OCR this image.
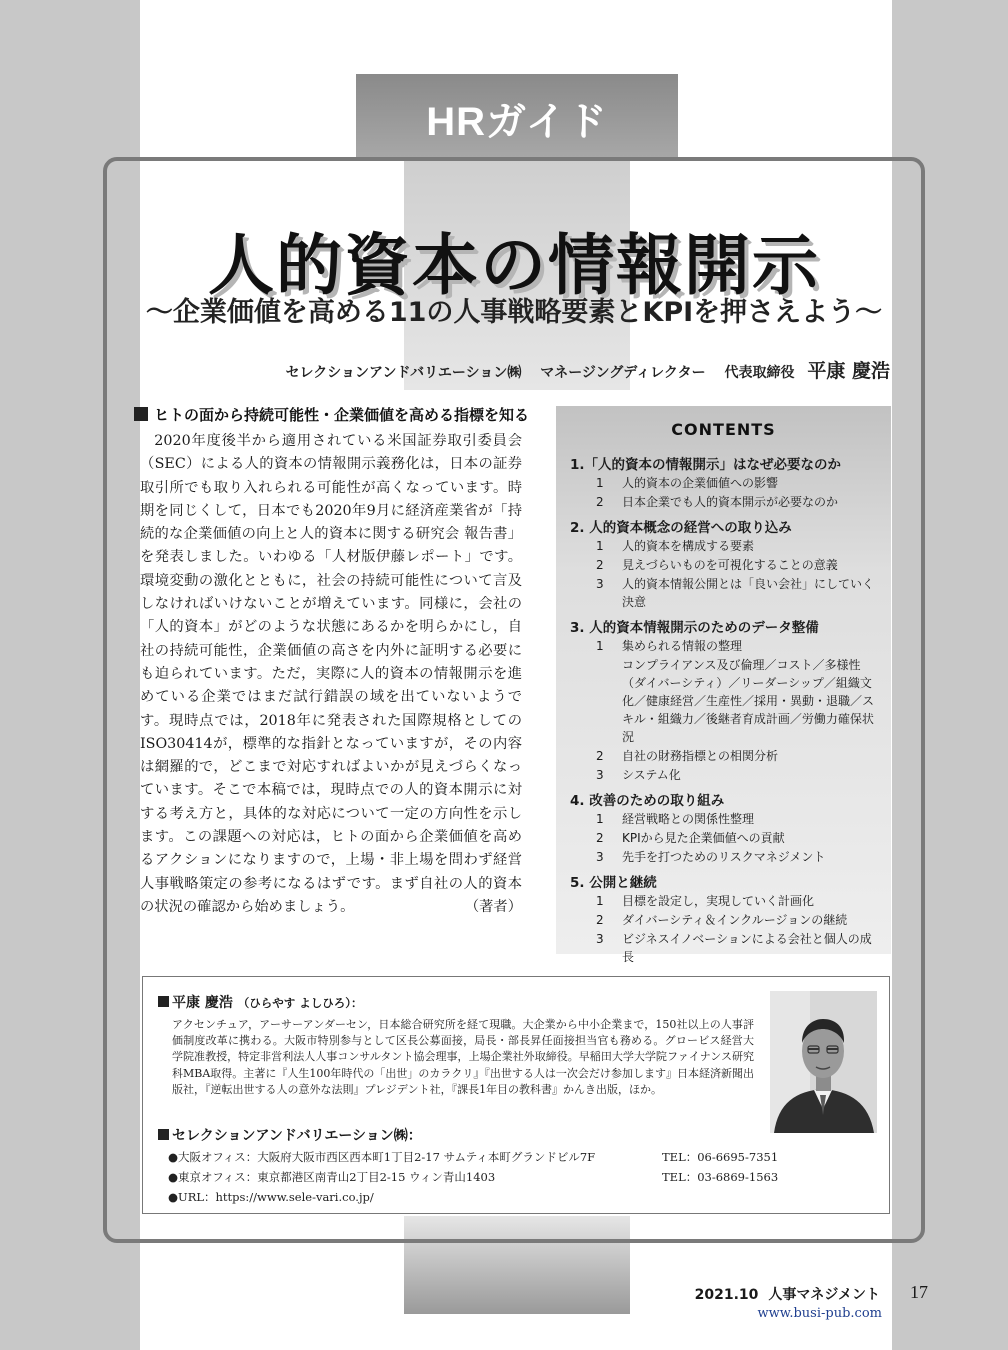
HRガイド
人的資本の情報開示
〜企業価値を高める11の人事戦略要素とKPIを押さえよう〜
セレクションアンドバリエーション㈱ マネージングディレクター 代表取締役 平康 慶浩
ヒトの面から持続可能性・企業価値を高める指標を知る
2020年度後半から適用されている米国証券取引委員会（SEC）による人的資本の情報開示義務化は，日本の証券取引所でも取り入れられる可能性が高くなっています。時期を同じくして，日本でも2020年9月に経済産業省が「持続的な企業価値の向上と人的資本に関する研究会 報告書」を発表しました。いわゆる「人材版伊藤レポート」です。環境変動の激化とともに，社会の持続可能性について言及しなければいけないことが増えています。同様に，会社の「人的資本」がどのような状態にあるかを明らかにし，自社の持続可能性，企業価値の高さを内外に証明する必要にも迫られています。ただ，実際に人的資本の情報開示を進めている企業ではまだ試行錯誤の域を出ていないようです。現時点では，2018年に発表された国際規格としてのISO30414が，標準的な指針となっていますが，その内容は網羅的で，どこまで対応すればよいかが見えづらくなっています。そこで本稿では，現時点での人的資本開示に対する考え方と，具体的な対応について一定の方向性を示します。この課題への対応は，ヒトの面から企業価値を高めるアクションになりますので，上場・非上場を問わず経営人事戦略策定の参考になるはずです。まず自社の人的資本の状況の確認から始めましょう。	（著者）
CONTENTS
1.「人的資本の情報開示」はなぜ必要なのか
1	人的資本の企業価値への影響
2	日本企業でも人的資本開示が必要なのか
2. 人的資本概念の経営への取り込み
1	人的資本を構成する要素
2	見えづらいものを可視化することの意義
3	人的資本情報公開とは「良い会社」にしていく決意
3. 人的資本情報開示のためのデータ整備
1	集められる情報の整理
コンプライアンス及び倫理／コスト／多様性（ダイバーシティ）／リーダーシップ／組織文化／健康経営／生産性／採用・異動・退職／スキル・組織力／後継者育成計画／労働力確保状況
2	自社の財務指標との相関分析
3	システム化
4. 改善のための取り組み
1	経営戦略との関係性整理
2	KPIから見た企業価値への貢献
3	先手を打つためのリスクマネジメント
5. 公開と継続
1	目標を設定し，実現していく計画化
2	ダイバーシティ＆インクルージョンの継続
3	ビジネスイノベーションによる会社と個人の成長
平康 慶浩 （ひらやす よしひろ）：
アクセンチュア，アーサーアンダーセン，日本総合研究所を経て現職。大企業から中小企業まで，150社以上の人事評価制度改革に携わる。大阪市特別参与として区長公募面接，局長・部長昇任面接担当官も務める。グロービス経営大学院准教授，特定非営利法人人事コンサルタント協会理事，上場企業社外取締役。早稲田大学大学院ファイナンス研究科MBA取得。主著に『人生100年時代の「出世」のカラクリ』『出世する人は一次会だけ参加します』日本経済新聞出版社，『逆転出世する人の意外な法則』プレジデント社，『課長1年目の教科書』かんき出版，ほか。
セレクションアンドバリエーション㈱：
●大阪オフィス：大阪府大阪市西区西本町1丁目2-17 サムティ本町グランドビル7F	TEL：06-6695-7351
●東京オフィス：東京都港区南青山2丁目2-15 ウィン青山1403	TEL：03-6869-1563
●URL：https://www.sele-vari.co.jp/
2021.10 人事マネジメント 17
www.busi-pub.com
